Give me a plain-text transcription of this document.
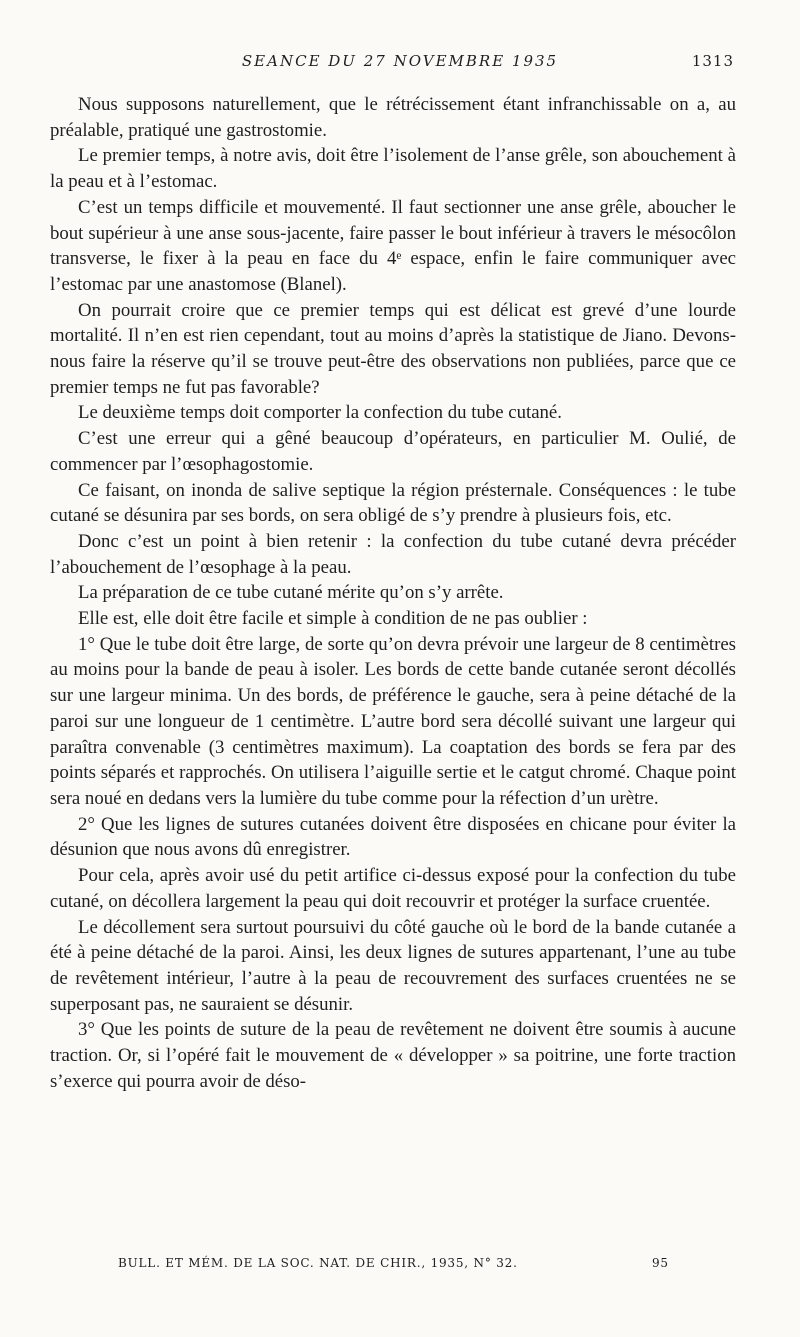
SEANCE DU 27 NOVEMBRE 1935	1313

Nous supposons naturellement, que le rétrécissement étant infranchissable on a, au préalable, pratiqué une gastrostomie.

Le premier temps, à notre avis, doit être l’isolement de l’anse grêle, son abouchement à la peau et à l’estomac.

C’est un temps difficile et mouvementé. Il faut sectionner une anse grêle, aboucher le bout supérieur à une anse sous-jacente, faire passer le bout inférieur à travers le mésocôlon transverse, le fixer à la peau en face du 4ᵉ espace, enfin le faire communiquer avec l’estomac par une anastomose (Blanel).

On pourrait croire que ce premier temps qui est délicat est grevé d’une lourde mortalité. Il n’en est rien cependant, tout au moins d’après la statistique de Jiano. Devons-nous faire la réserve qu’il se trouve peut-être des observations non publiées, parce que ce premier temps ne fut pas favorable?

Le deuxième temps doit comporter la confection du tube cutané.

C’est une erreur qui a gêné beaucoup d’opérateurs, en particulier M. Oulié, de commencer par l’œsophagostomie.

Ce faisant, on inonda de salive septique la région présternale. Conséquences : le tube cutané se désunira par ses bords, on sera obligé de s’y prendre à plusieurs fois, etc.

Donc c’est un point à bien retenir : la confection du tube cutané devra précéder l’abouchement de l’œsophage à la peau.

La préparation de ce tube cutané mérite qu’on s’y arrête.

Elle est, elle doit être facile et simple à condition de ne pas oublier :

1° Que le tube doit être large, de sorte qu’on devra prévoir une largeur de 8 centimètres au moins pour la bande de peau à isoler. Les bords de cette bande cutanée seront décollés sur une largeur minima. Un des bords, de préférence le gauche, sera à peine détaché de la paroi sur une longueur de 1 centimètre. L’autre bord sera décollé suivant une largeur qui paraîtra convenable (3 centimètres maximum). La coaptation des bords se fera par des points séparés et rapprochés. On utilisera l’aiguille sertie et le catgut chromé. Chaque point sera noué en dedans vers la lumière du tube comme pour la réfection d’un urètre.

2° Que les lignes de sutures cutanées doivent être disposées en chicane pour éviter la désunion que nous avons dû enregistrer.

Pour cela, après avoir usé du petit artifice ci-dessus exposé pour la confection du tube cutané, on décollera largement la peau qui doit recouvrir et protéger la surface cruentée.

Le décollement sera surtout poursuivi du côté gauche où le bord de la bande cutanée a été à peine détaché de la paroi. Ainsi, les deux lignes de sutures appartenant, l’une au tube de revêtement intérieur, l’autre à la peau de recouvrement des surfaces cruentées ne se superposant pas, ne sauraient se désunir.

3° Que les points de suture de la peau de revêtement ne doivent être soumis à aucune traction. Or, si l’opéré fait le mouvement de « développer » sa poitrine, une forte traction s’exerce qui pourra avoir de déso-

BULL. ET MÉM. DE LA SOC. NAT. DE CHIR., 1935, N° 32.	95
